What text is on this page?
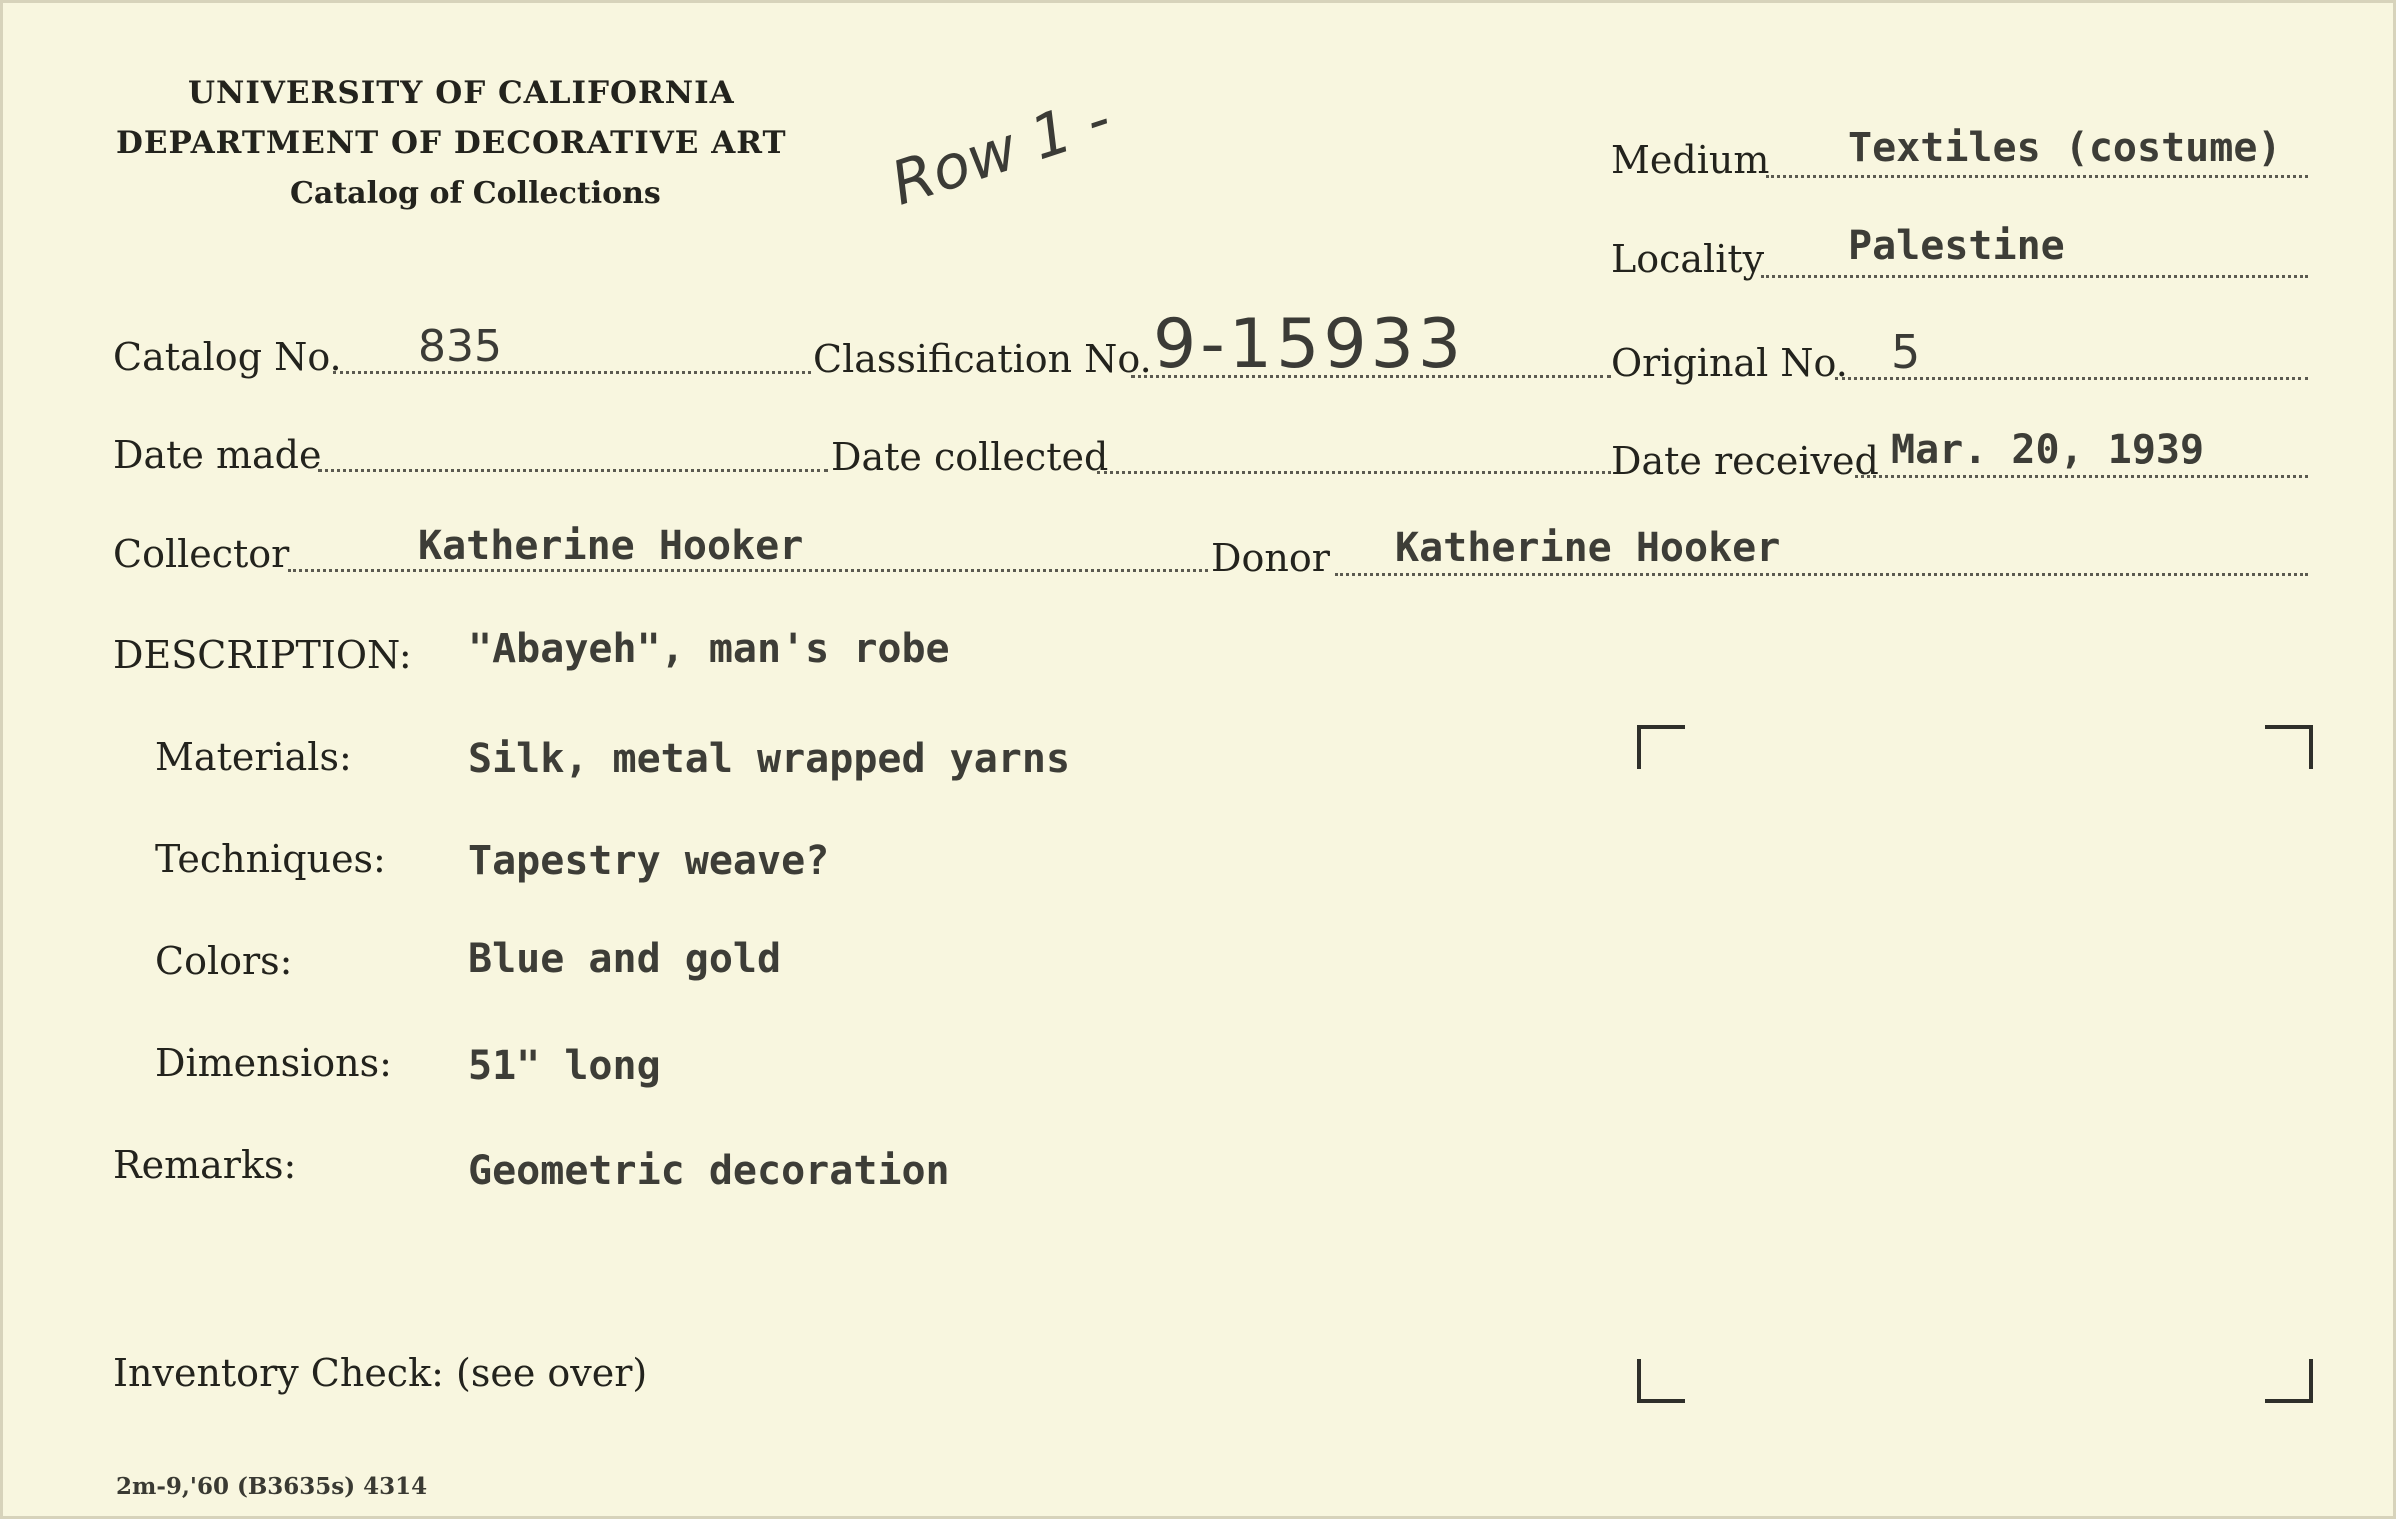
UNIVERSITY OF CALIFORNIA
DEPARTMENT OF DECORATIVE ART
Catalog of Collections	Row 1 -	Medium Textiles (costume)
Locality Palestine
Catalog No. 835	Classification No. 9-15933	Original No. 5
Date made	Date collected	Date received Mar. 20, 1939
Collector	Katherine Hooker	Donor Katherine Hooker
DESCRIPTION: "Abayeh", man's robe
Materials:	Silk, metal wrapped yarns
Techniques: Tapestry weave?
Colors:	Blue and gold
Dimensions: 51" long
Remarks:	Geometric decoration
Inventory Check: (see over)
2m-9,'60 (B3635s) 4314
